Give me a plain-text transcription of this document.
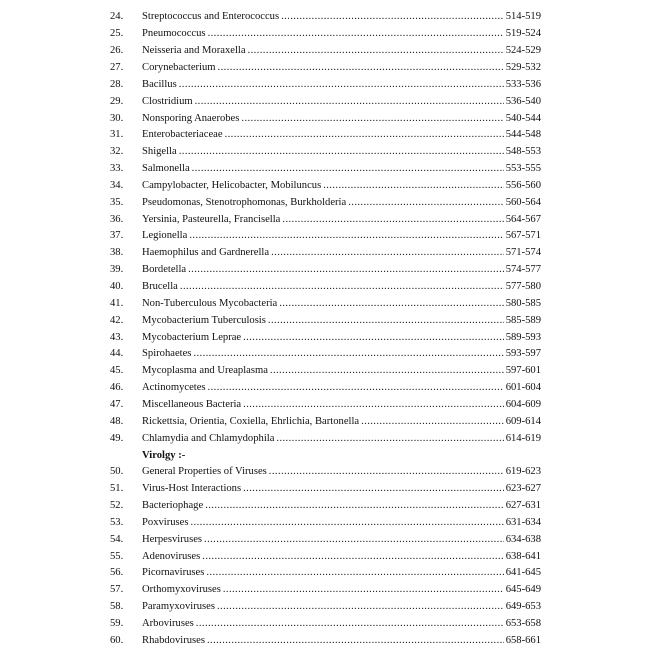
24.	Streptococcus and Enterococcus .....	514-519
25.	Pneumococcus .....	519-524
26.	Neisseria and Moraxella .....	524-529
27.	Corynebacterium .....	529-532
28.	Bacillus .....	533-536
29.	Clostridium .....	536-540
30.	Nonsporing Anaerobes .....	540-544
31.	Enterobacteriaceae .....	544-548
32.	Shigella .....	548-553
33.	Salmonella .....	553-555
34.	Campylobacter, Helicobacter, Mobiluncus .....	556-560
35.	Pseudomonas, Stenotrophomonas, Burkholderia .....	560-564
36.	Yersinia, Pasteurella, Francisella .....	564-567
37.	Legionella .....	567-571
38.	Haemophilus and Gardnerella .....	571-574
39.	Bordetella .....	574-577
40.	Brucella .....	577-580
41.	Non-Tuberculous Mycobacteria .....	580-585
42.	Mycobacterium Tuberculosis .....	585-589
43.	Mycobacterium Leprae .....	589-593
44.	Spirohaetes .....	593-597
45.	Mycoplasma and Ureaplasma .....	597-601
46.	Actinomycetes .....	601-604
47.	Miscellaneous Bacteria .....	604-609
48.	Rickettsia, Orientia, Coxiella, Ehrlichia, Bartonella .....	609-614
49.	Chlamydia and Chlamydophila .....	614-619
Virolgy :-
50.	General Properties of Viruses .....	619-623
51.	Virus-Host Interactions .....	623-627
52.	Bacteriophage .....	627-631
53.	Poxviruses .....	631-634
54.	Herpesviruses .....	634-638
55.	Adenoviruses .....	638-641
56.	Picornaviruses .....	641-645
57.	Orthomyxoviruses .....	645-649
58.	Paramyxoviruses .....	649-653
59.	Arboviruses .....	653-658
60.	Rhabdoviruses .....	658-661
